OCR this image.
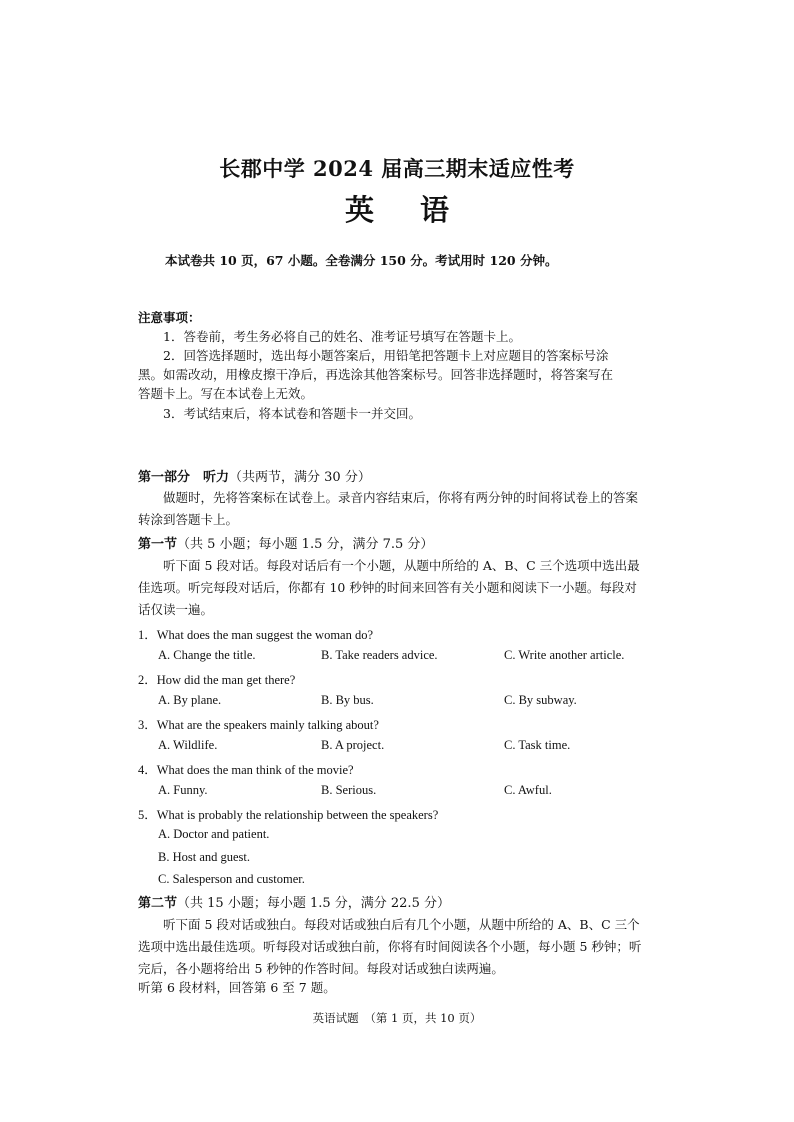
长郡中学 2024 届高三期末适应性考
英 语
本试卷共 10 页，67 小题。全卷满分 150 分。考试用时 120 分钟。
注意事项：
1．答卷前，考生务必将自己的姓名、准考证号填写在答题卡上。
2．回答选择题时，选出每小题答案后，用铅笔把答题卡上对应题目的答案标号涂
黑。如需改动，用橡皮擦干净后，再选涂其他答案标号。回答非选择题时，将答案写在
答题卡上。写在本试卷上无效。
3．考试结束后，将本试卷和答题卡一并交回。
第一部分　听力（共两节，满分 30 分）
做题时，先将答案标在试卷上。录音内容结束后，你将有两分钟的时间将试卷上的答案
转涂到答题卡上。
第一节（共 5 小题；每小题 1.5 分，满分 7.5 分）
听下面 5 段对话。每段对话后有一个小题，从题中所给的 A、B、C 三个选项中选出最
佳选项。听完每段对话后，你都有 10 秒钟的时间来回答有关小题和阅读下一小题。每段对
话仅读一遍。
1．What does the man suggest the woman do?
A. Change the title.	B. Take readers advice.	C. Write another article.
2．How did the man get there?
A. By plane.	B. By bus.	C. By subway.
3．What are the speakers mainly talking about?
A. Wildlife.	B. A project.	C. Task time.
4．What does the man think of the movie?
A. Funny.	B. Serious.	C. Awful.
5．What is probably the relationship between the speakers?
A. Doctor and patient.
B. Host and guest.
C. Salesperson and customer.
第二节（共 15 小题；每小题 1.5 分，满分 22.5 分）
听下面 5 段对话或独白。每段对话或独白后有几个小题，从题中所给的 A、B、C 三个
选项中选出最佳选项。听每段对话或独白前，你将有时间阅读各个小题，每小题 5 秒钟；听
完后，各小题将给出 5 秒钟的作答时间。每段对话或独白读两遍。
听第 6 段材料，回答第 6 至 7 题。
英语试题　（第 1 页，共 10 页）
